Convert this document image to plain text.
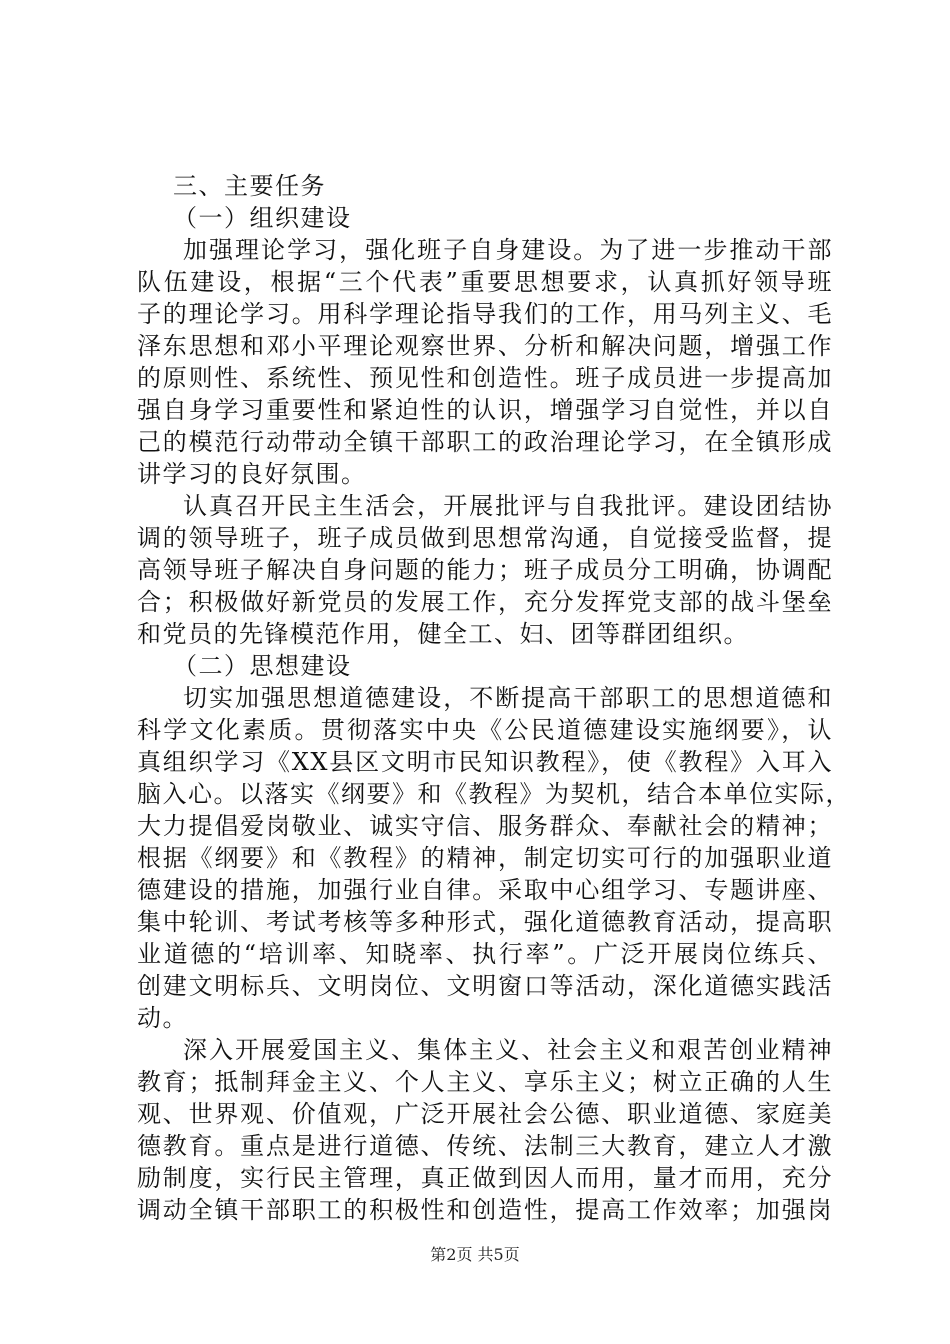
三、主要任务
（一）组织建设
加强理论学习，强化班子自身建设。为了进一步推动干部
队伍建设，根据“三个代表”重要思想要求，认真抓好领导班
子的理论学习。用科学理论指导我们的工作，用马列主义、毛
泽东思想和邓小平理论观察世界、分析和解决问题，增强工作
的原则性、系统性、预见性和创造性。班子成员进一步提高加
强自身学习重要性和紧迫性的认识，增强学习自觉性，并以自
己的模范行动带动全镇干部职工的政治理论学习，在全镇形成
讲学习的良好氛围。
认真召开民主生活会，开展批评与自我批评。建设团结协
调的领导班子，班子成员做到思想常沟通，自觉接受监督，提
高领导班子解决自身问题的能力；班子成员分工明确，协调配
合；积极做好新党员的发展工作，充分发挥党支部的战斗堡垒
和党员的先锋模范作用，健全工、妇、团等群团组织。
（二）思想建设
切实加强思想道德建设，不断提高干部职工的思想道德和
科学文化素质。贯彻落实中央《公民道德建设实施纲要》，认
真组织学习《XX县区文明市民知识教程》，使《教程》入耳入
脑入心。以落实《纲要》和《教程》为契机，结合本单位实际，
大力提倡爱岗敬业、诚实守信、服务群众、奉献社会的精神；
根据《纲要》和《教程》的精神，制定切实可行的加强职业道
德建设的措施，加强行业自律。采取中心组学习、专题讲座、
集中轮训、考试考核等多种形式，强化道德教育活动，提高职
业道德的“培训率、知晓率、执行率”。广泛开展岗位练兵、
创建文明标兵、文明岗位、文明窗口等活动，深化道德实践活
动。
深入开展爱国主义、集体主义、社会主义和艰苦创业精神
教育；抵制拜金主义、个人主义、享乐主义；树立正确的人生
观、世界观、价值观，广泛开展社会公德、职业道德、家庭美
德教育。重点是进行道德、传统、法制三大教育，建立人才激
励制度，实行民主管理，真正做到因人而用，量才而用，充分
调动全镇干部职工的积极性和创造性，提高工作效率；加强岗
第2页 共5页
